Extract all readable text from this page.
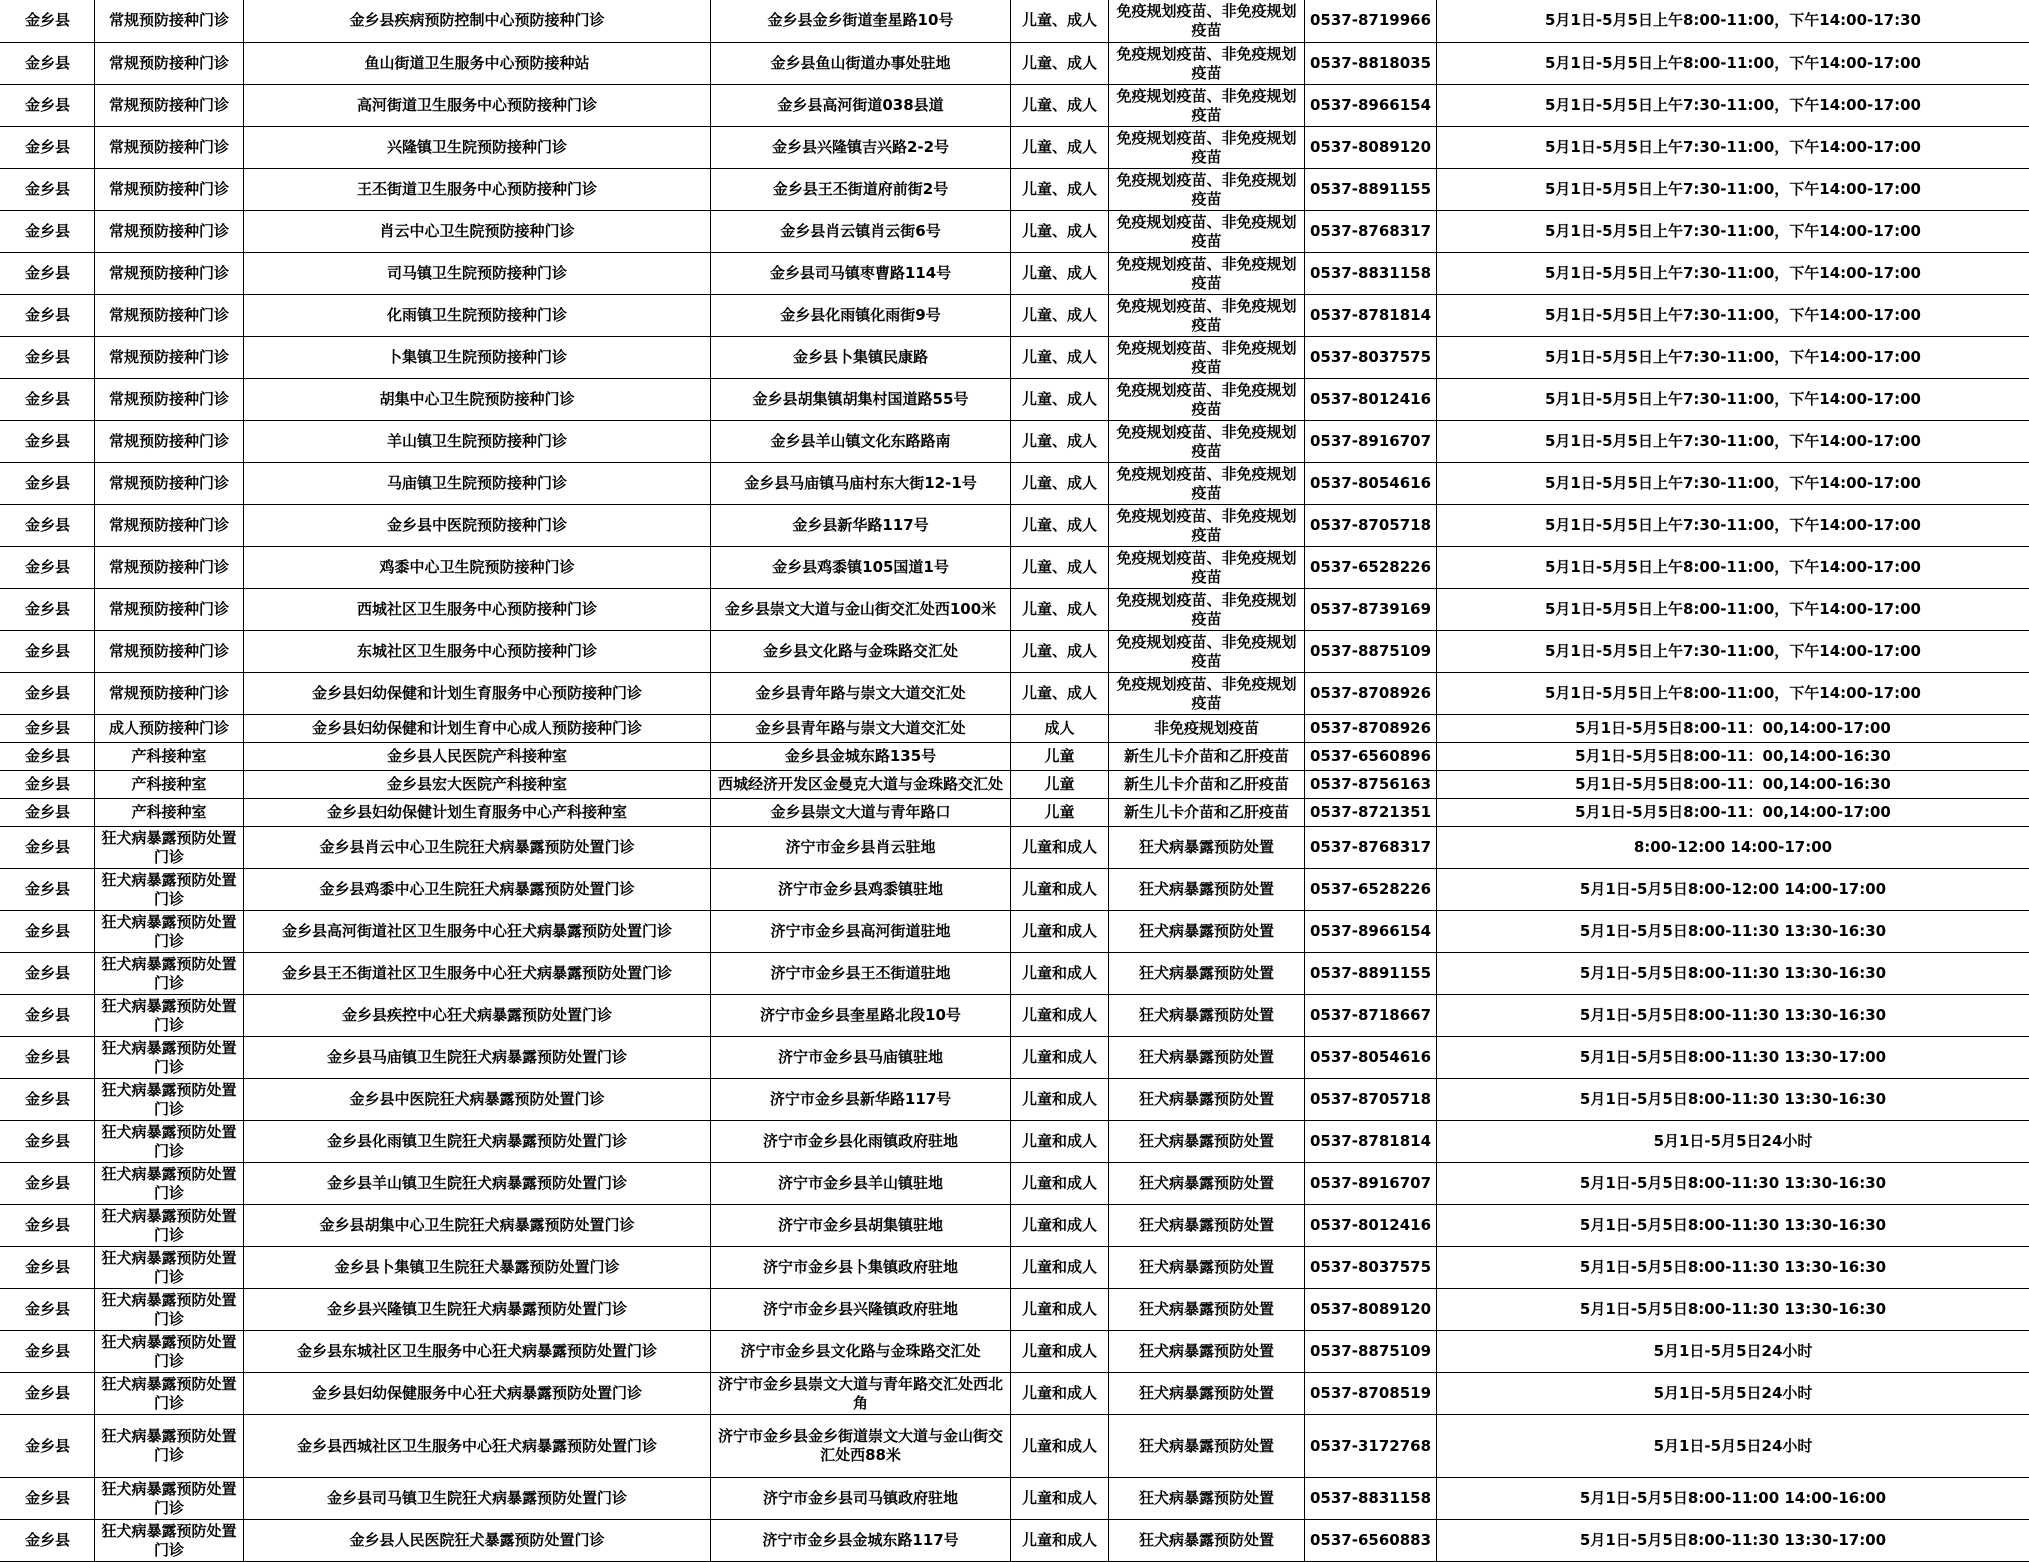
金乡县	常规预防接种门诊	金乡县疾病预防控制中心预防接种门诊	金乡县金乡街道奎星路10号	儿童、成人	免疫规划疫苗、非免疫规划疫苗	0537-8719966	5月1日-5月5日上午8:00-11:00，下午14:00-17:30

金乡县	常规预防接种门诊	鱼山街道卫生服务中心预防接种站	金乡县鱼山街道办事处驻地	儿童、成人	免疫规划疫苗、非免疫规划疫苗	0537-8818035	5月1日-5月5日上午8:00-11:00，下午14:00-17:00

金乡县	常规预防接种门诊	高河街道卫生服务中心预防接种门诊	金乡县高河街道038县道	儿童、成人	免疫规划疫苗、非免疫规划疫苗	0537-8966154	5月1日-5月5日上午7:30-11:00，下午14:00-17:00

金乡县	常规预防接种门诊	兴隆镇卫生院预防接种门诊	金乡县兴隆镇吉兴路2-2号	儿童、成人	免疫规划疫苗、非免疫规划疫苗	0537-8089120	5月1日-5月5日上午7:30-11:00，下午14:00-17:00

金乡县	常规预防接种门诊	王丕街道卫生服务中心预防接种门诊	金乡县王丕街道府前街2号	儿童、成人	免疫规划疫苗、非免疫规划疫苗	0537-8891155	5月1日-5月5日上午7:30-11:00，下午14:00-17:00

金乡县	常规预防接种门诊	肖云中心卫生院预防接种门诊	金乡县肖云镇肖云街6号	儿童、成人	免疫规划疫苗、非免疫规划疫苗	0537-8768317	5月1日-5月5日上午7:30-11:00，下午14:00-17:00

金乡县	常规预防接种门诊	司马镇卫生院预防接种门诊	金乡县司马镇枣曹路114号	儿童、成人	免疫规划疫苗、非免疫规划疫苗	0537-8831158	5月1日-5月5日上午7:30-11:00，下午14:00-17:00

金乡县	常规预防接种门诊	化雨镇卫生院预防接种门诊	金乡县化雨镇化雨街9号	儿童、成人	免疫规划疫苗、非免疫规划疫苗	0537-8781814	5月1日-5月5日上午7:30-11:00，下午14:00-17:00

金乡县	常规预防接种门诊	卜集镇卫生院预防接种门诊	金乡县卜集镇民康路	儿童、成人	免疫规划疫苗、非免疫规划疫苗	0537-8037575	5月1日-5月5日上午7:30-11:00，下午14:00-17:00

金乡县	常规预防接种门诊	胡集中心卫生院预防接种门诊	金乡县胡集镇胡集村国道路55号	儿童、成人	免疫规划疫苗、非免疫规划疫苗	0537-8012416	5月1日-5月5日上午7:30-11:00，下午14:00-17:00

金乡县	常规预防接种门诊	羊山镇卫生院预防接种门诊	金乡县羊山镇文化东路路南	儿童、成人	免疫规划疫苗、非免疫规划疫苗	0537-8916707	5月1日-5月5日上午7:30-11:00，下午14:00-17:00

金乡县	常规预防接种门诊	马庙镇卫生院预防接种门诊	金乡县马庙镇马庙村东大街12-1号	儿童、成人	免疫规划疫苗、非免疫规划疫苗	0537-8054616	5月1日-5月5日上午7:30-11:00，下午14:00-17:00

金乡县	常规预防接种门诊	金乡县中医院预防接种门诊	金乡县新华路117号	儿童、成人	免疫规划疫苗、非免疫规划疫苗	0537-8705718	5月1日-5月5日上午7:30-11:00，下午14:00-17:00

金乡县	常规预防接种门诊	鸡黍中心卫生院预防接种门诊	金乡县鸡黍镇105国道1号	儿童、成人	免疫规划疫苗、非免疫规划疫苗	0537-6528226	5月1日-5月5日上午8:00-11:00，下午14:00-17:00

金乡县	常规预防接种门诊	西城社区卫生服务中心预防接种门诊	金乡县崇文大道与金山街交汇处西100米	儿童、成人	免疫规划疫苗、非免疫规划疫苗	0537-8739169	5月1日-5月5日上午8:00-11:00，下午14:00-17:00

金乡县	常规预防接种门诊	东城社区卫生服务中心预防接种门诊	金乡县文化路与金珠路交汇处	儿童、成人	免疫规划疫苗、非免疫规划疫苗	0537-8875109	5月1日-5月5日上午7:30-11:00，下午14:00-17:00

金乡县	常规预防接种门诊	金乡县妇幼保健和计划生育服务中心预防接种门诊	金乡县青年路与崇文大道交汇处	儿童、成人	免疫规划疫苗、非免疫规划疫苗	0537-8708926	5月1日-5月5日上午8:00-11:00，下午14:00-17:00

金乡县	成人预防接种门诊	金乡县妇幼保健和计划生育中心成人预防接种门诊	金乡县青年路与崇文大道交汇处	成人	非免疫规划疫苗	0537-8708926	5月1日-5月5日8:00-11：00,14:00-17:00

金乡县	产科接种室	金乡县人民医院产科接种室	金乡县金城东路135号	儿童	新生儿卡介苗和乙肝疫苗	0537-6560896	5月1日-5月5日8:00-11：00,14:00-16:30

金乡县	产科接种室	金乡县宏大医院产科接种室	西城经济开发区金曼克大道与金珠路交汇处	儿童	新生儿卡介苗和乙肝疫苗	0537-8756163	5月1日-5月5日8:00-11：00,14:00-16:30

金乡县	产科接种室	金乡县妇幼保健计划生育服务中心产科接种室	金乡县崇文大道与青年路口	儿童	新生儿卡介苗和乙肝疫苗	0537-8721351	5月1日-5月5日8:00-11：00,14:00-17:00

金乡县	狂犬病暴露预防处置门诊	金乡县肖云中心卫生院狂犬病暴露预防处置门诊	济宁市金乡县肖云驻地	儿童和成人	狂犬病暴露预防处置	0537-8768317	8:00-12:00 14:00-17:00

金乡县	狂犬病暴露预防处置门诊	金乡县鸡黍中心卫生院狂犬病暴露预防处置门诊	济宁市金乡县鸡黍镇驻地	儿童和成人	狂犬病暴露预防处置	0537-6528226	5月1日-5月5日8:00-12:00 14:00-17:00

金乡县	狂犬病暴露预防处置门诊	金乡县高河街道社区卫生服务中心狂犬病暴露预防处置门诊	济宁市金乡县高河街道驻地	儿童和成人	狂犬病暴露预防处置	0537-8966154	5月1日-5月5日8:00-11:30 13:30-16:30

金乡县	狂犬病暴露预防处置门诊	金乡县王丕街道社区卫生服务中心狂犬病暴露预防处置门诊	济宁市金乡县王丕街道驻地	儿童和成人	狂犬病暴露预防处置	0537-8891155	5月1日-5月5日8:00-11:30 13:30-16:30

金乡县	狂犬病暴露预防处置门诊	金乡县疾控中心狂犬病暴露预防处置门诊	济宁市金乡县奎星路北段10号	儿童和成人	狂犬病暴露预防处置	0537-8718667	5月1日-5月5日8:00-11:30 13:30-16:30

金乡县	狂犬病暴露预防处置门诊	金乡县马庙镇卫生院狂犬病暴露预防处置门诊	济宁市金乡县马庙镇驻地	儿童和成人	狂犬病暴露预防处置	0537-8054616	5月1日-5月5日8:00-11:30 13:30-17:00

金乡县	狂犬病暴露预防处置门诊	金乡县中医院狂犬病暴露预防处置门诊	济宁市金乡县新华路117号	儿童和成人	狂犬病暴露预防处置	0537-8705718	5月1日-5月5日8:00-11:30 13:30-16:30

金乡县	狂犬病暴露预防处置门诊	金乡县化雨镇卫生院狂犬病暴露预防处置门诊	济宁市金乡县化雨镇政府驻地	儿童和成人	狂犬病暴露预防处置	0537-8781814	5月1日-5月5日24小时

金乡县	狂犬病暴露预防处置门诊	金乡县羊山镇卫生院狂犬病暴露预防处置门诊	济宁市金乡县羊山镇驻地	儿童和成人	狂犬病暴露预防处置	0537-8916707	5月1日-5月5日8:00-11:30 13:30-16:30

金乡县	狂犬病暴露预防处置门诊	金乡县胡集中心卫生院狂犬病暴露预防处置门诊	济宁市金乡县胡集镇驻地	儿童和成人	狂犬病暴露预防处置	0537-8012416	5月1日-5月5日8:00-11:30 13:30-16:30

金乡县	狂犬病暴露预防处置门诊	金乡县卜集镇卫生院狂犬暴露预防处置门诊	济宁市金乡县卜集镇政府驻地	儿童和成人	狂犬病暴露预防处置	0537-8037575	5月1日-5月5日8:00-11:30 13:30-16:30

金乡县	狂犬病暴露预防处置门诊	金乡县兴隆镇卫生院狂犬病暴露预防处置门诊	济宁市金乡县兴隆镇政府驻地	儿童和成人	狂犬病暴露预防处置	0537-8089120	5月1日-5月5日8:00-11:30 13:30-16:30

金乡县	狂犬病暴露预防处置门诊	金乡县东城社区卫生服务中心狂犬病暴露预防处置门诊	济宁市金乡县文化路与金珠路交汇处	儿童和成人	狂犬病暴露预防处置	0537-8875109	5月1日-5月5日24小时

金乡县	狂犬病暴露预防处置门诊	金乡县妇幼保健服务中心狂犬病暴露预防处置门诊	济宁市金乡县崇文大道与青年路交汇处西北角	儿童和成人	狂犬病暴露预防处置	0537-8708519	5月1日-5月5日24小时

金乡县	狂犬病暴露预防处置门诊	金乡县西城社区卫生服务中心狂犬病暴露预防处置门诊	济宁市金乡县金乡街道崇文大道与金山街交汇处西88米	儿童和成人	狂犬病暴露预防处置	0537-3172768	5月1日-5月5日24小时

金乡县	狂犬病暴露预防处置门诊	金乡县司马镇卫生院狂犬病暴露预防处置门诊	济宁市金乡县司马镇政府驻地	儿童和成人	狂犬病暴露预防处置	0537-8831158	5月1日-5月5日8:00-11:00 14:00-16:00

金乡县	狂犬病暴露预防处置门诊	金乡县人民医院狂犬暴露预防处置门诊	济宁市金乡县金城东路117号	儿童和成人	狂犬病暴露预防处置	0537-6560883	5月1日-5月5日8:00-11:30 13:30-17:00
